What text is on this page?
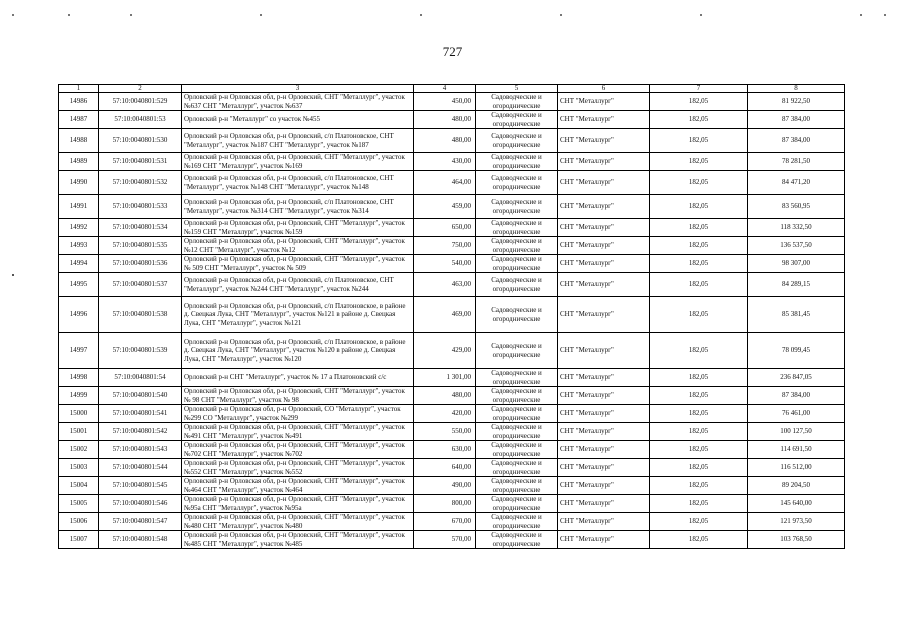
727
1	2	3	4	5	6	7	8
14986	57:10:0040801:529	Орловский р-н Орловская обл, р-н Орловский, СНТ "Металлург", участок №637 СНТ "Металлург", участок №637	450,00	Садоводческие и огороднические	СНТ "Металлург"	182,05	81 922,50
14987	57:10:0040801:53	Орловский р-н "Металлург" со участок №455	480,00	Садоводческие и огороднические	СНТ "Металлург"	182,05	87 384,00
14988	57:10:0040801:530	Орловский р-н Орловская обл, р-н Орловский, с/п Платоновское, СНТ "Металлург", участок №187 СНТ "Металлург", участок №187	480,00	Садоводческие и огороднические	СНТ "Металлург"	182,05	87 384,00
14989	57:10:0040801:531	Орловский р-н Орловская обл, р-н Орловский, СНТ "Металлург", участок №169 СНТ "Металлург", участок №169	430,00	Садоводческие и огороднические	СНТ "Металлург"	182,05	78 281,50
14990	57:10:0040801:532	Орловский р-н Орловская обл, р-н Орловский, с/п Платоновское, СНТ "Металлург", участок №148 СНТ "Металлург", участок №148	464,00	Садоводческие и огороднические	СНТ "Металлург"	182,05	84 471,20
14991	57:10:0040801:533	Орловский р-н Орловская обл, р-н Орловский, с/п Платоновское, СНТ "Металлург", участок №314 СНТ "Металлург", участок №314	459,00	Садоводческие и огороднические	СНТ "Металлург"	182,05	83 560,95
14992	57:10:0040801:534	Орловский р-н Орловская обл, р-н Орловский, СНТ "Металлург", участок №159 СНТ "Металлург", участок №159	650,00	Садоводческие и огороднические	СНТ "Металлург"	182,05	118 332,50
14993	57:10:0040801:535	Орловский р-н Орловская обл, р-н Орловский, СНТ "Металлург", участок №12 СНТ "Металлург", участок №12	750,00	Садоводческие и огороднические	СНТ "Металлург"	182,05	136 537,50
14994	57:10:0040801:536	Орловский р-н Орловская обл, р-н Орловский, СНТ "Металлург", участок № 509 СНТ "Металлург", участок № 509	540,00	Садоводческие и огороднические	СНТ "Металлург"	182,05	98 307,00
14995	57:10:0040801:537	Орловский р-н Орловская обл, р-н Орловский, с/п Платоновское, СНТ "Металлург", участок №244 СНТ "Металлург", участок №244	463,00	Садоводческие и огороднические	СНТ "Металлург"	182,05	84 289,15
14996	57:10:0040801:538	Орловский р-н Орловская обл, р-н Орловский, с/п Платоновское, в районе д. Свецкая Лука, СНТ "Металлург", участок №121 в районе д. Свецкая Лука, СНТ "Металлург", участок №121	469,00	Садоводческие и огороднические	СНТ "Металлург"	182,05	85 381,45
14997	57:10:0040801:539	Орловский р-н Орловская обл, р-н Орловский, с/п Платоновское, в районе д. Свецкая Лука, СНТ "Металлург", участок №120 в районе д. Свецкая Лука, СНТ "Металлург", участок №120	429,00	Садоводческие и огороднические	СНТ "Металлург"	182,05	78 099,45
14998	57:10:0040801:54	Орловский р-н СНТ "Металлург", участок № 17 а Платоновский с/с	1 301,00	Садоводческие и огороднические	СНТ "Металлург"	182,05	236 847,05
14999	57:10:0040801:540	Орловский р-н Орловская обл, р-н Орловский, СНТ "Металлург", участок № 98 СНТ "Металлург", участок № 98	480,00	Садоводческие и огороднические	СНТ "Металлург"	182,05	87 384,00
15000	57:10:0040801:541	Орловский р-н Орловская обл, р-н Орловский, СО "Металлург", участок №299 СО "Металлург", участок №299	420,00	Садоводческие и огороднические	СНТ "Металлург"	182,05	76 461,00
15001	57:10:0040801:542	Орловский р-н Орловская обл, р-н Орловский, СНТ "Металлург", участок №491 СНТ "Металлург", участок №491	550,00	Садоводческие и огороднические	СНТ "Металлург"	182,05	100 127,50
15002	57:10:0040801:543	Орловский р-н Орловская обл, р-н Орловский, СНТ "Металлург", участок №702 СНТ "Металлург", участок №702	630,00	Садоводческие и огороднические	СНТ "Металлург"	182,05	114 691,50
15003	57:10:0040801:544	Орловский р-н Орловская обл, р-н Орловский, СНТ "Металлург", участок №552 СНТ "Металлург", участок №552	640,00	Садоводческие и огороднические	СНТ "Металлург"	182,05	116 512,00
15004	57:10:0040801:545	Орловский р-н Орловская обл, р-н Орловский, СНТ "Металлург", участок №464 СНТ "Металлург", участок №464	490,00	Садоводческие и огороднические	СНТ "Металлург"	182,05	89 204,50
15005	57:10:0040801:546	Орловский р-н Орловская обл, р-н Орловский, СНТ "Металлург", участок №95а СНТ "Металлург", участок №95а	800,00	Садоводческие и огороднические	СНТ "Металлург"	182,05	145 640,00
15006	57:10:0040801:547	Орловский р-н Орловская обл, р-н Орловский, СНТ "Металлург", участок №480 СНТ "Металлург", участок №480	670,00	Садоводческие и огороднические	СНТ "Металлург"	182,05	121 973,50
15007	57:10:0040801:548	Орловский р-н Орловская обл, р-н Орловский, СНТ "Металлург", участок №485 СНТ "Металлург", участок №485	570,00	Садоводческие и огороднические	СНТ "Металлург"	182,05	103 768,50
